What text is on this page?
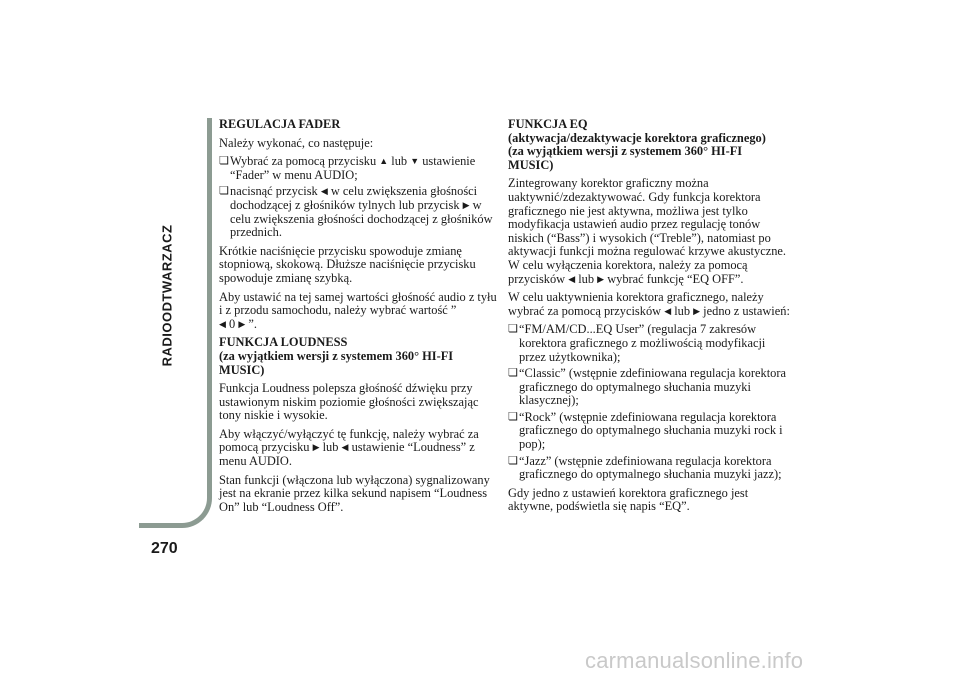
RADIOODTWARZACZ
270
REGULACJA FADER

Należy wykonać, co następuje:

❏ Wybrać za pomocą przycisku ▲ lub ▼ ustawienie “Fader” w menu AUDIO;
❏ nacisnąć przycisk ◀ w celu zwiększenia głośności dochodzącej z głośników tylnych lub przycisk ▶ w celu zwiększenia głośności dochodzącej z głośników przednich.

Krótkie naciśnięcie przycisku spowoduje zmianę stopniową, skokową. Dłuższe naciśnięcie przycisku spowoduje zmianę szybką.

Aby ustawić na tej samej wartości głośność audio z tyłu i z przodu samochodu, należy wybrać wartość ”
◀ 0 ▶ ”.

FUNKCJA LOUDNESS
(za wyjątkiem wersji z systemem 360° HI-FI MUSIC)

Funkcja Loudness polepsza głośność dźwięku przy ustawionym niskim poziomie głośności zwiększając tony niskie i wysokie.

Aby włączyć/wyłączyć tę funkcję, należy wybrać za pomocą przycisku ▶ lub ◀ ustawienie “Loudness” z menu AUDIO.

Stan funkcji (włączona lub wyłączona) sygnalizowany jest na ekranie przez kilka sekund napisem “Loudness On” lub “Loudness Off”.

FUNKCJA EQ
(aktywacja/dezaktywacje korektora graficznego)
(za wyjątkiem wersji z systemem 360° HI-FI MUSIC)

Zintegrowany korektor graficzny można uaktywnić/zdezaktywować. Gdy funkcja korektora graficznego nie jest aktywna, możliwa jest tylko modyfikacja ustawień audio przez regulację tonów niskich (“Bass”) i wysokich (“Treble”), natomiast po aktywacji funkcji można regulować krzywe akustyczne. W celu wyłączenia korektora, należy za pomocą przycisków ◀ lub ▶ wybrać funkcję “EQ OFF”.

W celu uaktywnienia korektora graficznego, należy wybrać za pomocą przycisków ◀ lub ▶ jedno z ustawień:

❏ “FM/AM/CD...EQ User” (regulacja 7 zakresów korektora graficznego z możliwością modyfikacji przez użytkownika);
❏ “Classic” (wstępnie zdefiniowana regulacja korektora graficznego do optymalnego słuchania muzyki klasycznej);
❏ “Rock” (wstępnie zdefiniowana regulacja korektora graficznego do optymalnego słuchania muzyki rock i pop);
❏ “Jazz” (wstępnie zdefiniowana regulacja korektora graficznego do optymalnego słuchania muzyki jazz);

Gdy jedno z ustawień korektora graficznego jest aktywne, podświetla się napis “EQ”.

carmanualsonline.info
